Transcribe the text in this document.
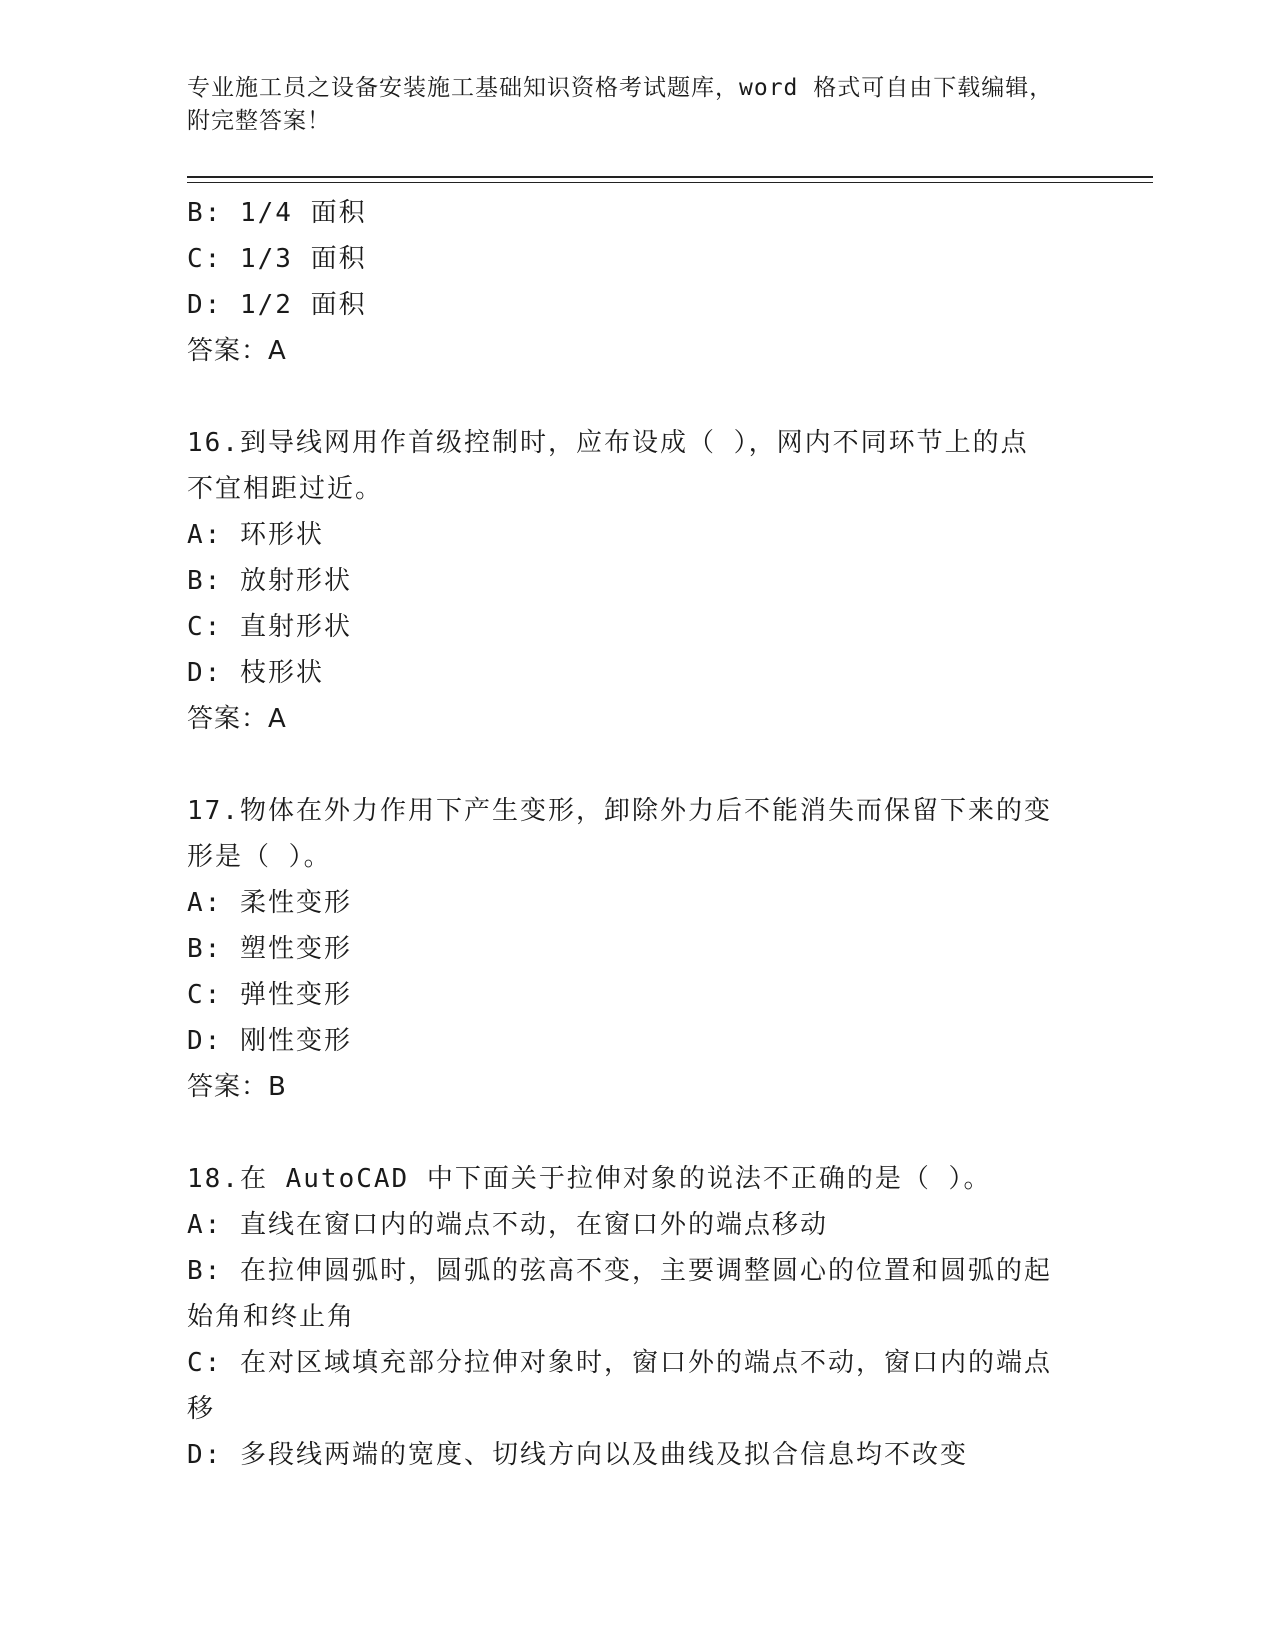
专业施工员之设备安装施工基础知识资格考试题库，word 格式可自由下载编辑，
附完整答案！
B: 1/4 面积
C: 1/3 面积
D: 1/2 面积
答案：A
16.到导线网用作首级控制时，应布设成（ ），网内不同环节上的点
不宜相距过近。
A: 环形状
B: 放射形状
C: 直射形状
D: 枝形状
答案：A
17.物体在外力作用下产生变形，卸除外力后不能消失而保留下来的变
形是（ ）。
A: 柔性变形
B: 塑性变形
C: 弹性变形
D: 刚性变形
答案：B
18.在 AutoCAD 中下面关于拉伸对象的说法不正确的是（ ）。
A: 直线在窗口内的端点不动，在窗口外的端点移动
B: 在拉伸圆弧时，圆弧的弦高不变，主要调整圆心的位置和圆弧的起
始角和终止角
C: 在对区域填充部分拉伸对象时，窗口外的端点不动，窗口内的端点
移
D: 多段线两端的宽度、切线方向以及曲线及拟合信息均不改变
